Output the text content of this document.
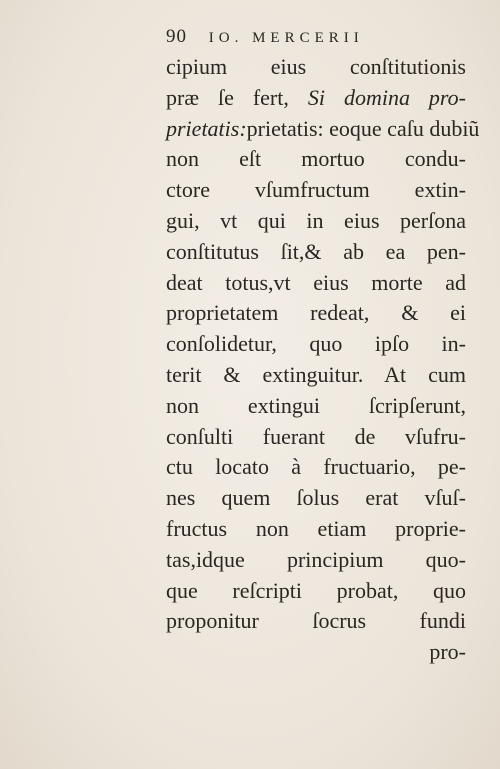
90 IO. MERCERII
cipium eius conſtitutionis
præ ſe fert, Si domina pro-
prietatis:prietatis: eoque caſu dubiũ
non eſt mortuo condu-
ctore vſumfructum extin-
gui, vt qui in eius perſona
conſtitutus ſit,& ab ea pen-
deat totus,vt eius morte ad
proprietatem redeat, & ei
conſolidetur, quo ipſo in-
terit & extinguitur. At cum
non extingui ſcripſerunt,
conſulti fuerant de vſufru-
ctu locato à fructuario, pe-
nes quem ſolus erat vſuſ-
fructus non etiam proprie-
tas,idque principium quo-
que reſcripti probat, quo
proponitur ſocrus fundi
pro-
